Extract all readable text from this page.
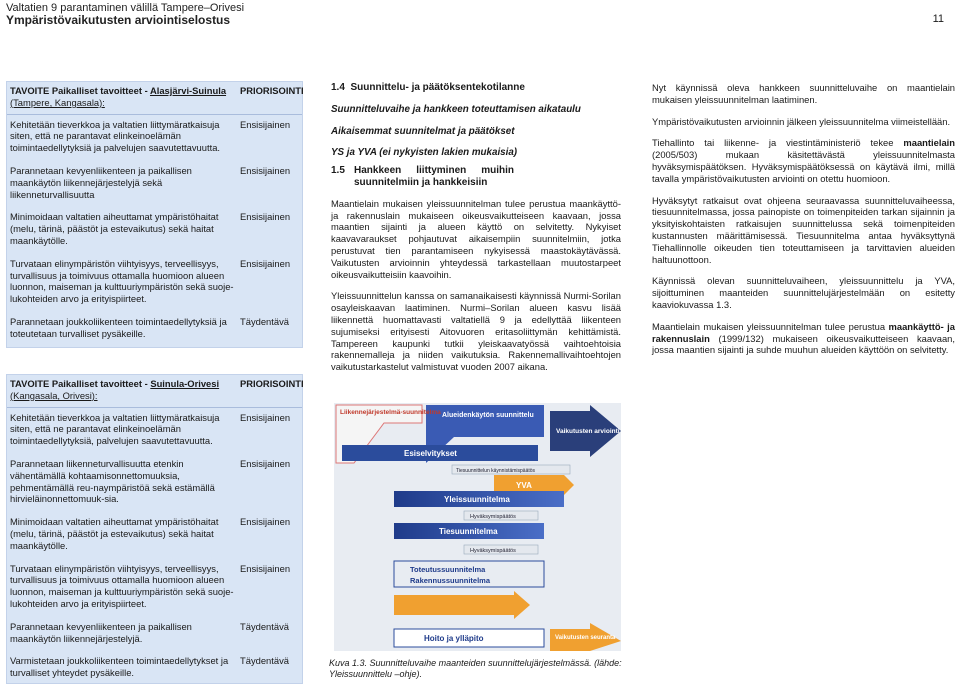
Valtatien 9 parantaminen välillä Tampere–Orivesi
Ympäristövaikutusten arviointiselostus	11
TAVOITE Paikalliset tavoitteet - Alasjärvi-Suinula
(Tampere, Kangasala):
PRIORISOINTI
Kehitetään tieverkkoa ja valtatien liittymäratkaisuja siten, että ne parantavat elinkeinoelämän toimintaedellytyksiä ja palvelujen saavutettavuutta.
Ensisijainen
Parannetaan kevyenliikenteen ja paikallisen maankäytön liikennejärjestelyjä sekä liikenneturvallisuutta
Ensisijainen
Minimoidaan valtatien aiheuttamat ympäristöhaitat (melu, tärinä, päästöt ja estevaikutus) sekä haitat maankäytölle.
Ensisijainen
Turvataan elinympäristön viihtyisyys, terveellisyys, turvallisuus ja toimivuus ottamalla huomioon alueen luonnon, maiseman ja kulttuuriympäristön sekä suoje-lukohteiden arvo ja erityispiirteet.
Ensisijainen
Parannetaan joukkoliikenteen toimintaedellytyksiä ja toteutetaan turvalliset pysäkeille.
Täydentävä
TAVOITE Paikalliset tavoitteet - Suinula-Orivesi
(Kangasala, Orivesi):
PRIORISOINTI
Kehitetään tieverkkoa ja valtatien liittymäratkaisuja siten, että ne parantavat elinkeinoelämän toimintaedellytyksiä, palvelujen saavutettavuutta.
Ensisijainen
Parannetaan liikenneturvallisuutta etenkin vähentämällä kohtaamisonnettomuuksia, pehmentämällä reu-naympäristöä sekä estämällä hirvieläinonnettomuuk-sia.
Ensisijainen
Minimoidaan valtatien aiheuttamat ympäristöhaitat (melu, tärinä, päästöt ja estevaikutus) sekä haitat maankäytölle.
Ensisijainen
Turvataan elinympäristön viihtyisyys, terveellisyys, turvallisuus ja toimivuus ottamalla huomioon alueen luonnon, maiseman ja kulttuuriympäristön sekä suoje-lukohteiden arvo ja erityispiirteet.
Ensisijainen
Parannetaan kevyenliikenteen ja paikallisen maankäytön liikennejärjestelyjä.
Täydentävä
Varmistetaan joukkoliikenteen toimintaedellytykset ja turvalliset yhteydet pysäkeille.
Täydentävä
1.4 Suunnittelu- ja päätöksentekotilanne
Suunnitteluvaihe ja hankkeen toteuttamisen aikataulu
Aikaisemmat suunnitelmat ja päätökset
YS ja YVA (ei nykyisten lakien mukaisia)
1.5 Hankkeen liittyminen muihin suunnitelmiin ja hankkeisiin

Maantielain mukaisen yleissuunnitelman tulee perustua maankäyttö- ja rakennuslain mukaiseen oikeusvaikutteiseen kaavaan, jossa maantien sijainti ja alueen käyttö on selvitetty. Nykyiset kaavavaraukset pohjautuvat aikaisempiin suunnitelmiin, jotka perustuvat tien parantamiseen nykyisessä maastokäytävässä. Vaikutusten arvioinnin yhteydessä tarkastellaan muutostarpeet oikeusvaikutteisiin kaavoihin.

Yleissuunnittelun kanssa on samanaikaisesti käynnissä Nurmi-Sorilan osayleiskaavan laatiminen. Nurmi–Sorilan alueen kasvu lisää liikennettä huomattavasti valtatiellä 9 ja edellyttää liikenteen sujumiseksi erityisesti Aitovuoren eritasoliittymän kehittämistä. Tampereen kaupunki tutkii yleiskaavatyössä vaihtoehtoisia rakennemalleja ja niiden vaikutuksia. Rakennemallivaihtoehtojen vaikutustarkastelut valmistuvat vuoden 2007 aikana.

Liikennejärjestelmä-suunnitelma Alueidenkäytön suunnittelu
Vaikutusten arviointi
Esiselvitykset
Tiesuunnittelun käynnistämispäätös
YVA
Yleissuunnitelma
Hyväksymispäätös
Tiesuunnitelma
Hyväksymispäätös
Toteutussuunnitelma
Rakennussuunnitelma
Hoito ja ylläpito	Vaikutusten seuranta
Kuva 1.3. Suunnitteluvaihe maanteiden suunnittelujärjestelmässä. (lähde: Yleissuunnittelu –ohje).

Nyt käynnissä oleva hankkeen suunnitteluvaihe on maantielain mukaisen yleissuunnitelman laatiminen.

Ympäristövaikutusten arvioinnin jälkeen yleissuunnitelma viimeistellään.

Tiehallinto tai liikenne- ja viestintäministeriö tekee maantielain (2005/503) mukaan käsitettävästä yleissuunnitelmasta hyväksymispäätöksen. Hyväksymispäätöksessä on käytävä ilmi, millä tavalla ympäristövaikutusten arviointi on otettu huomioon.

Hyväksytyt ratkaisut ovat ohjeena seuraavassa suunnitteluvaiheessa, tiesuunnitelmassa, jossa painopiste on toimenpiteiden tarkan sijainnin ja yksityiskohtaisten ratkaisujen suunnittelussa sekä toimenpiteiden kustannusten määrittämisessä. Tiesuunnitelma antaa hyväksyttynä Tiehallinnolle oikeuden tien toteuttamiseen ja tarvittavien alueiden haltuunottoon.

Käynnissä olevan suunnitteluvaiheen, yleissuunnittelu ja YVA, sijoittuminen maanteiden suunnittelujärjestelmään on esitetty kaaviokuvassa 1.3.

Maantielain mukaisen yleissuunnitelman tulee perustua maankäyttö- ja rakennuslain (1999/132) mukaiseen oikeusvaikutteiseen kaavaan, jossa maantien sijainti ja suhde muuhun alueiden käyttöön on selvitetty.
